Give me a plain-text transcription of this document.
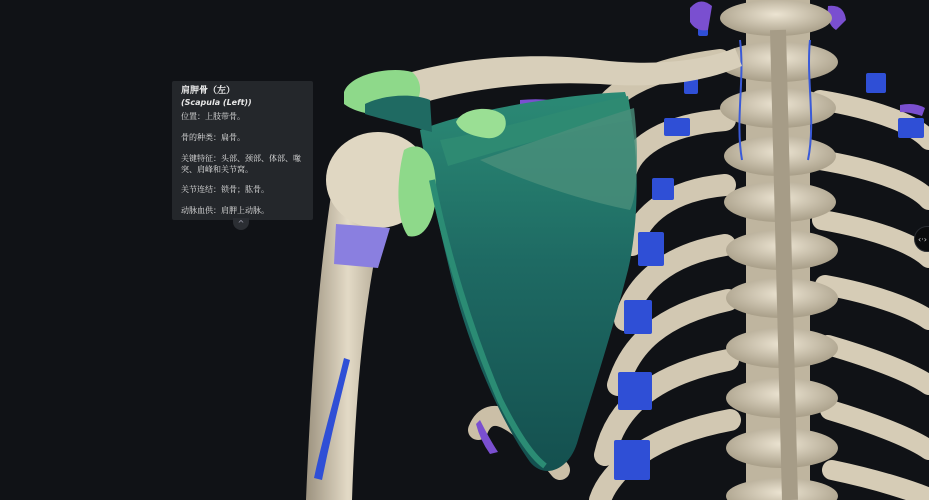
肩胛骨（左）
(Scapula (Left))
位置：上肢带骨。
骨的种类：扁骨。
关键特征：头部、颈部、体部、喙突、肩峰和关节窝。
关节连结：锁骨；肱骨。
动脉血供：肩胛上动脉。
^
‹·›
